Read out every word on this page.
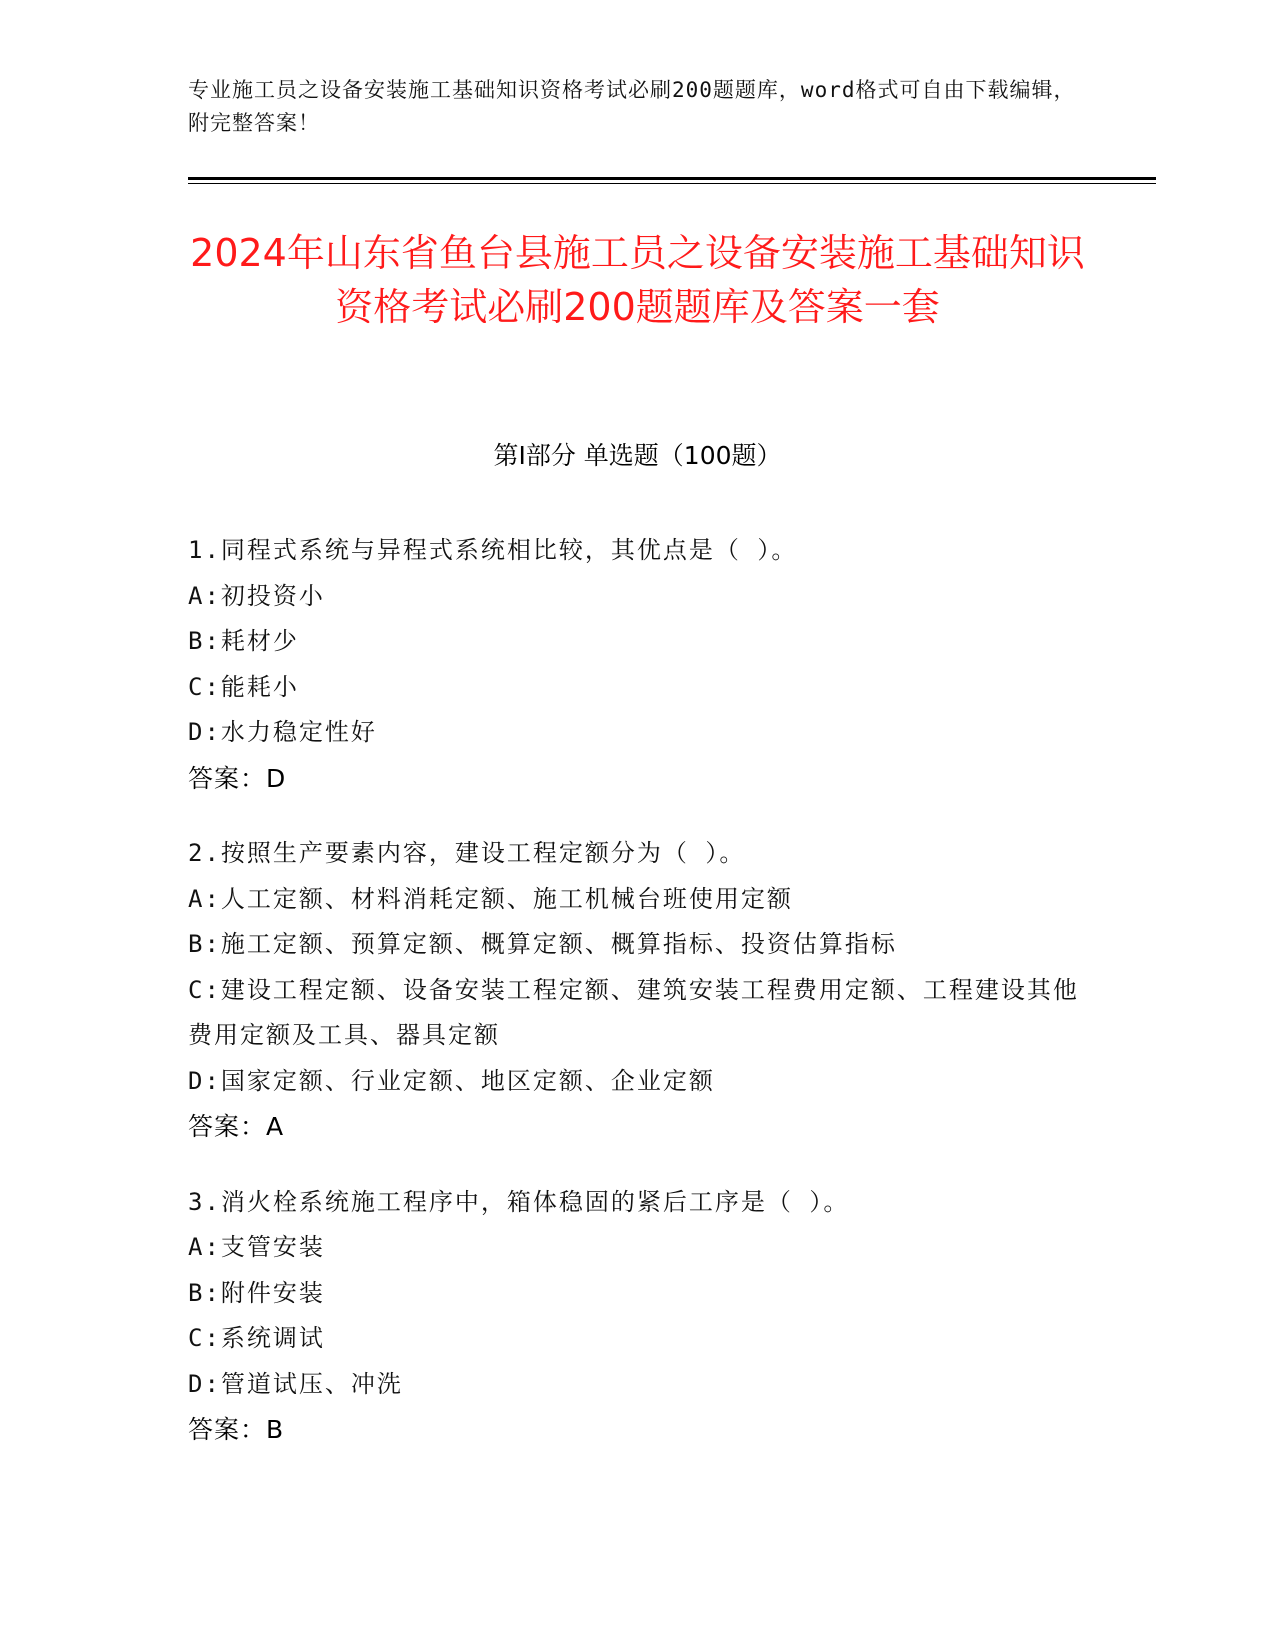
专业施工员之设备安装施工基础知识资格考试必刷200题题库，word格式可自由下载编辑，附完整答案！
2024年山东省鱼台县施工员之设备安装施工基础知识资格考试必刷200题题库及答案一套
第Ⅰ部分 单选题（100题）
1.同程式系统与异程式系统相比较，其优点是（ ）。
A: 初投资小
B: 耗材少
C: 能耗小
D: 水力稳定性好
答案：D
2.按照生产要素内容，建设工程定额分为（ ）。
A: 人工定额、材料消耗定额、施工机械台班使用定额
B: 施工定额、预算定额、概算定额、概算指标、投资估算指标
C:建设工程定额、设备安装工程定额、建筑安装工程费用定额、工程建设其他费用定额及工具、器具定额
D: 国家定额、行业定额、地区定额、企业定额
答案：A
3.消火栓系统施工程序中，箱体稳固的紧后工序是（ ）。
A: 支管安装
B: 附件安装
C: 系统调试
D: 管道试压、冲洗
答案：B
